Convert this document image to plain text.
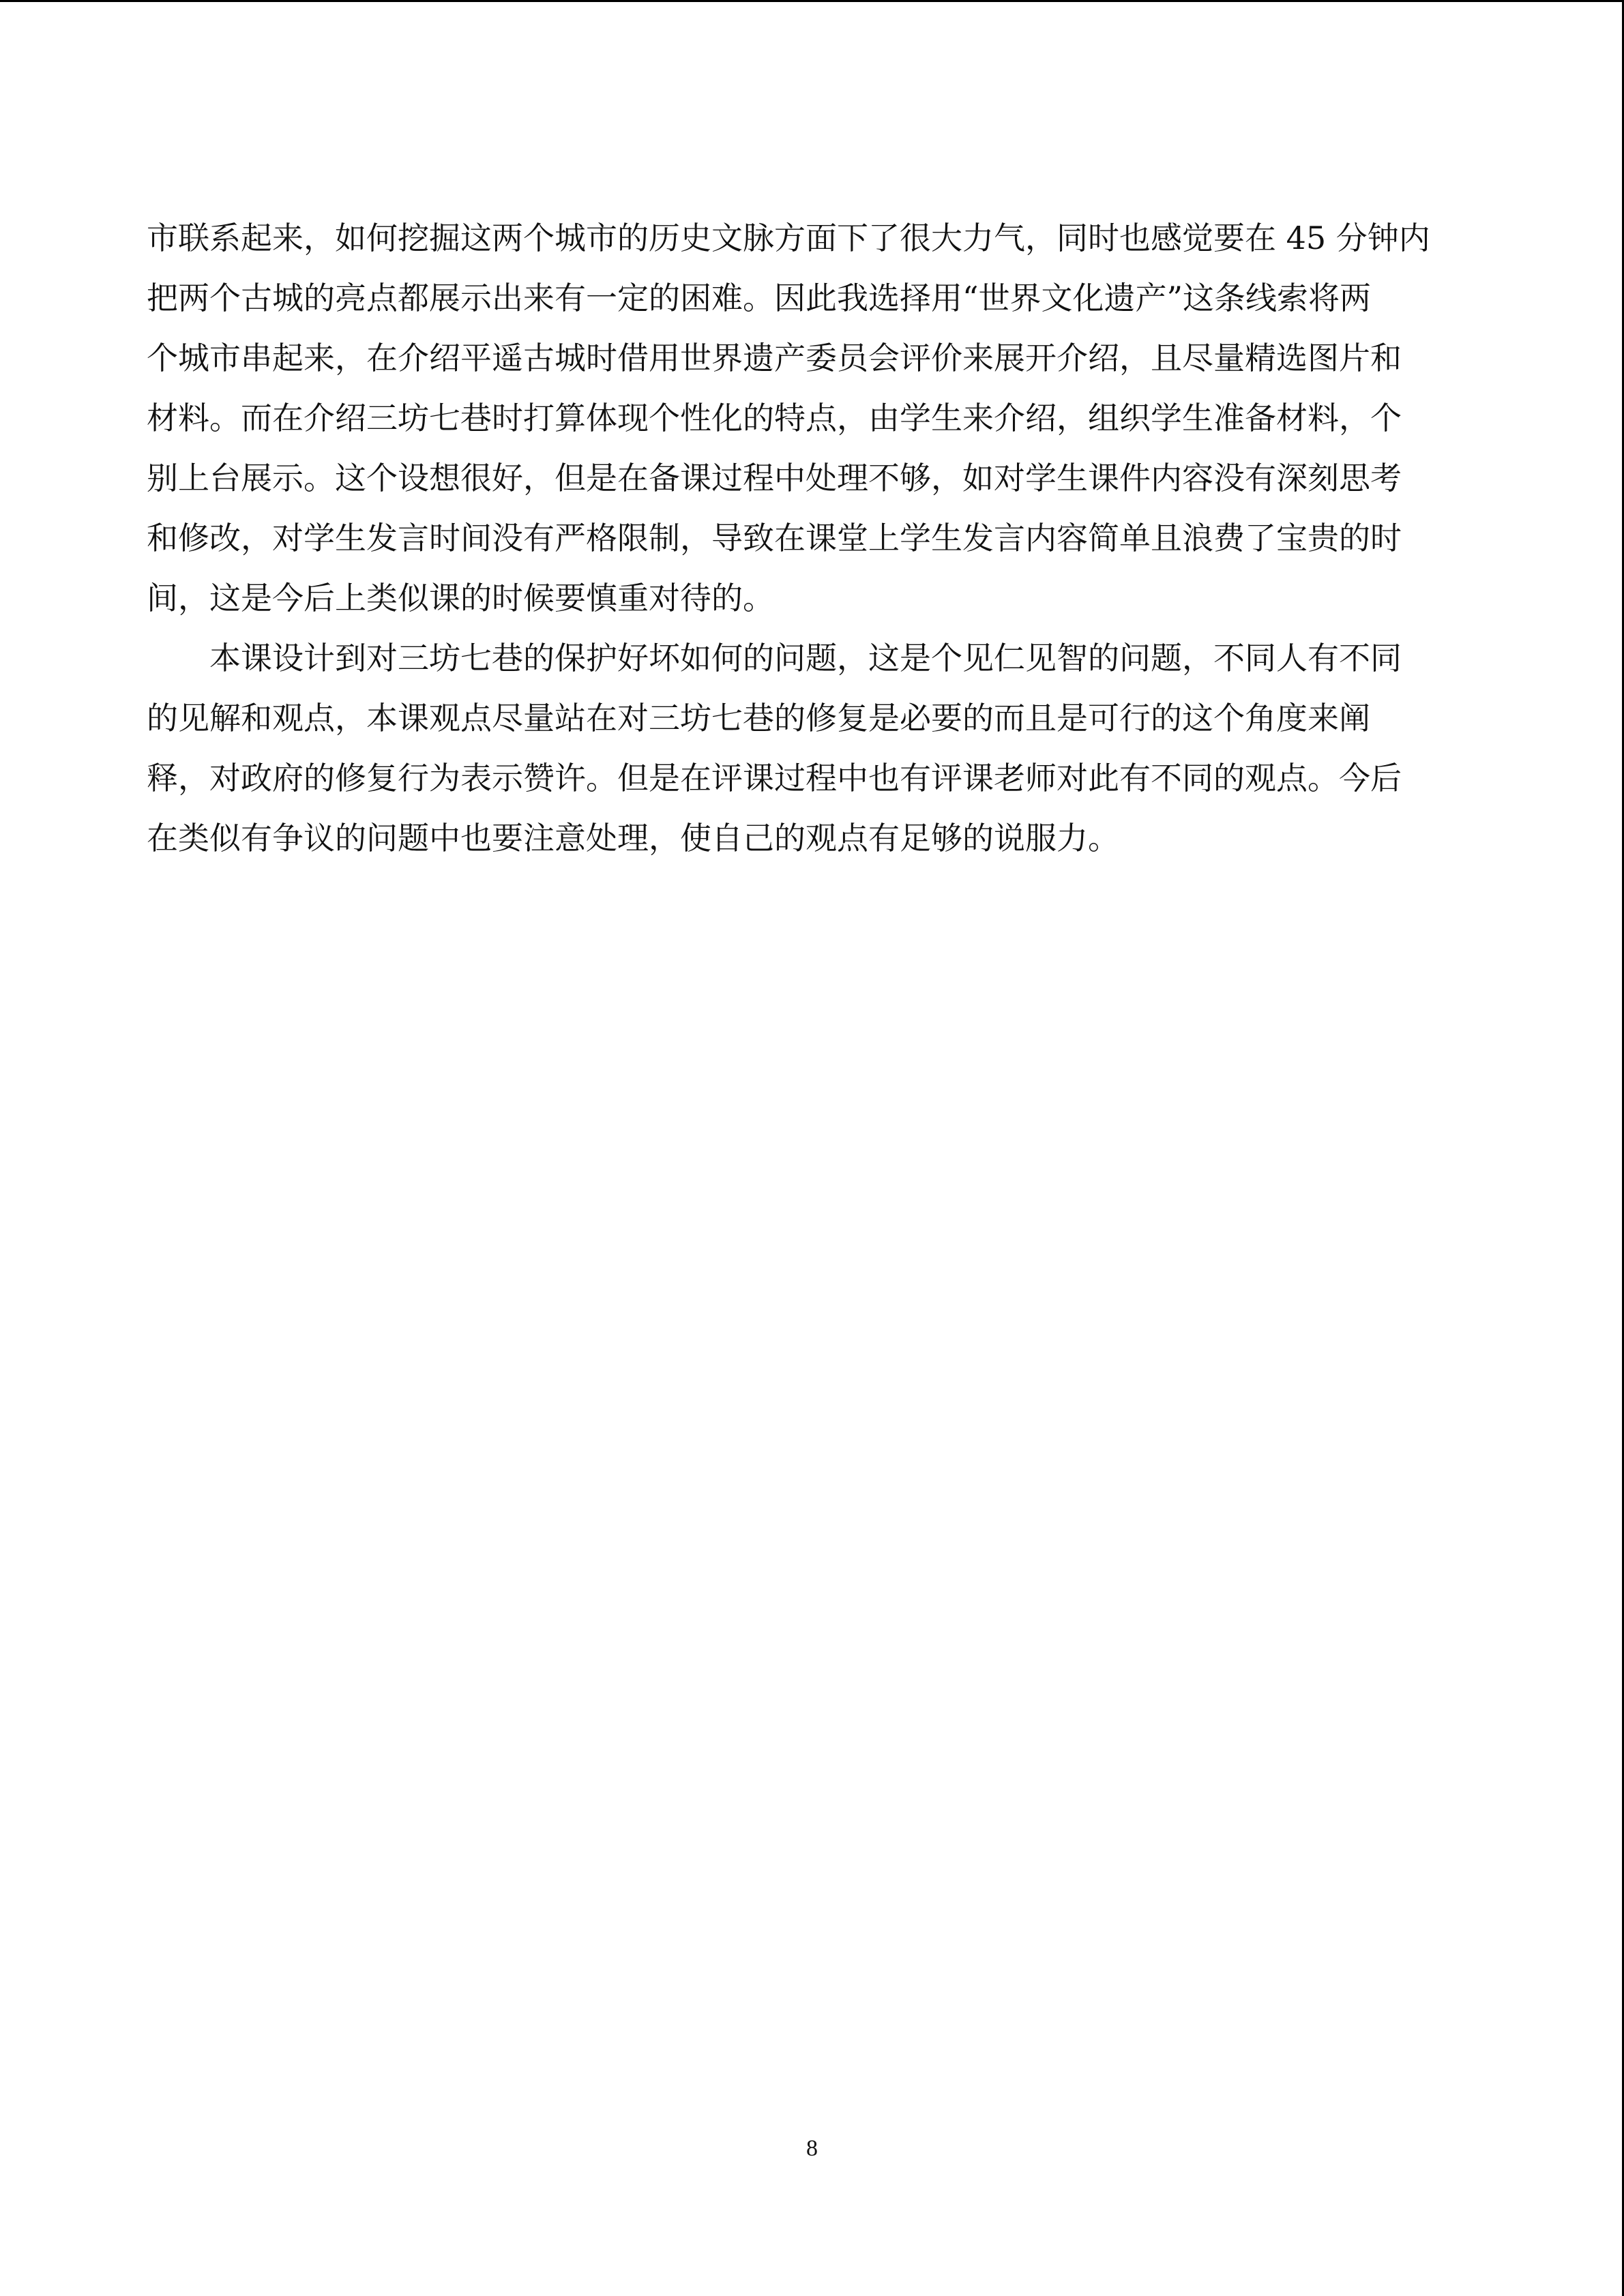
市联系起来，如何挖掘这两个城市的历史文脉方面下了很大力气，同时也感觉要在 45 分钟内
把两个古城的亮点都展示出来有一定的困难。因此我选择用“世界文化遗产”这条线索将两
个城市串起来，在介绍平遥古城时借用世界遗产委员会评价来展开介绍，且尽量精选图片和
材料。而在介绍三坊七巷时打算体现个性化的特点，由学生来介绍，组织学生准备材料，个
别上台展示。这个设想很好，但是在备课过程中处理不够，如对学生课件内容没有深刻思考
和修改，对学生发言时间没有严格限制，导致在课堂上学生发言内容简单且浪费了宝贵的时
间，这是今后上类似课的时候要慎重对待的。
本课设计到对三坊七巷的保护好坏如何的问题，这是个见仁见智的问题，不同人有不同
的见解和观点，本课观点尽量站在对三坊七巷的修复是必要的而且是可行的这个角度来阐
释，对政府的修复行为表示赞许。但是在评课过程中也有评课老师对此有不同的观点。今后
在类似有争议的问题中也要注意处理，使自己的观点有足够的说服力。
8
